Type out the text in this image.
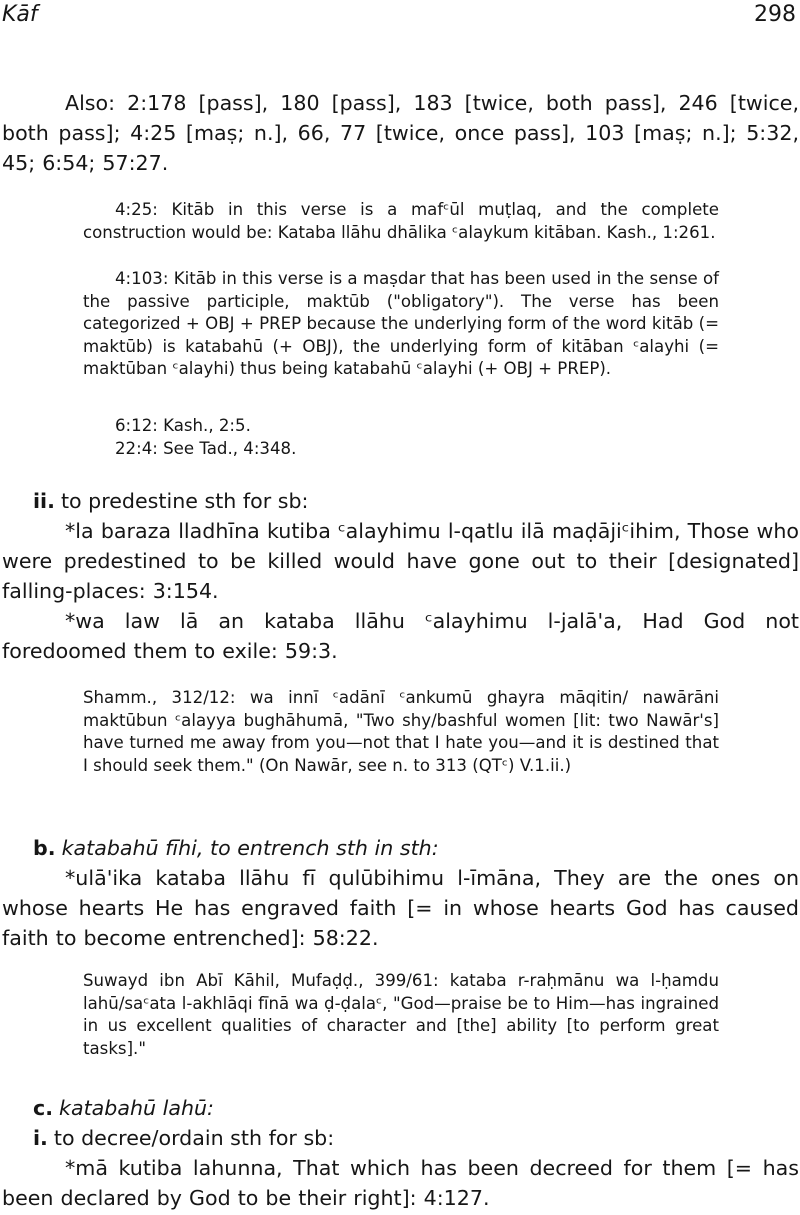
Kāf	298
Also: 2:178 [pass], 180 [pass], 183 [twice, both pass], 246 [twice, both pass]; 4:25 [maṣ; n.], 66, 77 [twice, once pass], 103 [maṣ; n.]; 5:32, 45; 6:54; 57:27.
4:25: Kitāb in this verse is a mafᶜūl muṭlaq, and the complete construction would be: Kataba llāhu dhālika ᶜalaykum kitāban. Kash., 1:261.
4:103: Kitāb in this verse is a maṣdar that has been used in the sense of the passive participle, maktūb ("obligatory"). The verse has been categorized + OBJ + PREP because the underlying form of the word kitāb (= maktūb) is katabahū (+ OBJ), the underlying form of kitāban ᶜalayhi (= maktūban ᶜalayhi) thus being katabahū ᶜalayhi (+ OBJ + PREP).
6:12: Kash., 2:5.
22:4: See Tad., 4:348.
ii. to predestine sth for sb:
*la baraza lladhīna kutiba ᶜalayhimu l-qatlu ilā maḍājiᶜihim, Those who were predestined to be killed would have gone out to their [designated] falling-places: 3:154.
*wa law lā an kataba llāhu ᶜalayhimu l-jalā'a, Had God not foredoomed them to exile: 59:3.
Shamm., 312/12: wa innī ᶜadānī ᶜankumū ghayra māqitin/ nawārāni maktūbun ᶜalayya bughāhumā, "Two shy/bashful women [lit: two Nawār's] have turned me away from you—not that I hate you—and it is destined that I should seek them." (On Nawār, see n. to 313 (QTᶜ) V.1.ii.)
b. katabahū fīhi, to entrench sth in sth:
*ulā'ika kataba llāhu fī qulūbihimu l-īmāna, They are the ones on whose hearts He has engraved faith [= in whose hearts God has caused faith to become entrenched]: 58:22.
Suwayd ibn Abī Kāhil, Mufaḍḍ., 399/61: kataba r-raḥmānu wa l-ḥamdu lahū/saᶜata l-akhlāqi fīnā wa ḍ-ḍalaᶜ, "God—praise be to Him—has ingrained in us excellent qualities of character and [the] ability [to perform great tasks]."
c. katabahū lahū:
i. to decree/ordain sth for sb:
*mā kutiba lahunna, That which has been decreed for them [= has been declared by God to be their right]: 4:127.
